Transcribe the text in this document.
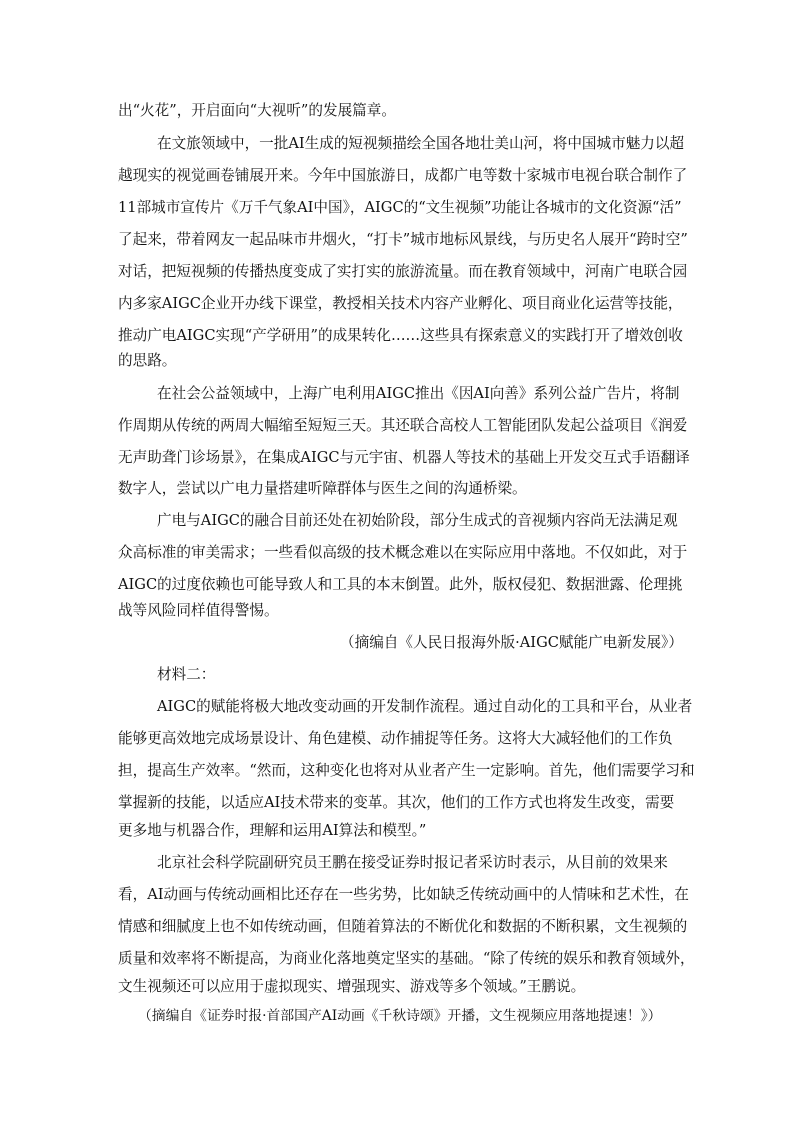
出“火花”，开启面向“大视听”的发展篇章。
在文旅领域中，一批AI生成的短视频描绘全国各地壮美山河，将中国城市魅力以超
越现实的视觉画卷铺展开来。今年中国旅游日，成都广电等数十家城市电视台联合制作了
11部城市宣传片《万千气象AI中国》，AIGC的“文生视频”功能让各城市的文化资源“活”
了起来，带着网友一起品味市井烟火，“打卡”城市地标风景线，与历史名人展开“跨时空”
对话，把短视频的传播热度变成了实打实的旅游流量。而在教育领域中，河南广电联合园
内多家AIGC企业开办线下课堂，教授相关技术内容产业孵化、项目商业化运营等技能，
推动广电AIGC实现“产学研用”的成果转化……这些具有探索意义的实践打开了增效创收
的思路。
在社会公益领域中，上海广电利用AIGC推出《因AI向善》系列公益广告片，将制
作周期从传统的两周大幅缩至短短三天。其还联合高校人工智能团队发起公益项目《润爱
无声助聋门诊场景》，在集成AIGC与元宇宙、机器人等技术的基础上开发交互式手语翻译
数字人，尝试以广电力量搭建听障群体与医生之间的沟通桥梁。
广电与AIGC的融合目前还处在初始阶段，部分生成式的音视频内容尚无法满足观
众高标准的审美需求；一些看似高级的技术概念难以在实际应用中落地。不仅如此，对于
AIGC的过度依赖也可能导致人和工具的本末倒置。此外，版权侵犯、数据泄露、伦理挑
战等风险同样值得警惕。
（摘编自《人民日报海外版·AIGC赋能广电新发展》）
材料二：
AIGC的赋能将极大地改变动画的开发制作流程。通过自动化的工具和平台，从业者
能够更高效地完成场景设计、角色建模、动作捕捉等任务。这将大大减轻他们的工作负
担，提高生产效率。“然而，这种变化也将对从业者产生一定影响。首先，他们需要学习和
掌握新的技能，以适应AI技术带来的变革。其次，他们的工作方式也将发生改变，需要
更多地与机器合作，理解和运用AI算法和模型。”
北京社会科学院副研究员王鹏在接受证券时报记者采访时表示，从目前的效果来
看，AI动画与传统动画相比还存在一些劣势，比如缺乏传统动画中的人情味和艺术性，在
情感和细腻度上也不如传统动画，但随着算法的不断优化和数据的不断积累，文生视频的
质量和效率将不断提高，为商业化落地奠定坚实的基础。“除了传统的娱乐和教育领域外，
文生视频还可以应用于虚拟现实、增强现实、游戏等多个领域。”王鹏说。
（摘编自《证券时报·首部国产AI动画《千秋诗颂》开播，文生视频应用落地提速！》）
